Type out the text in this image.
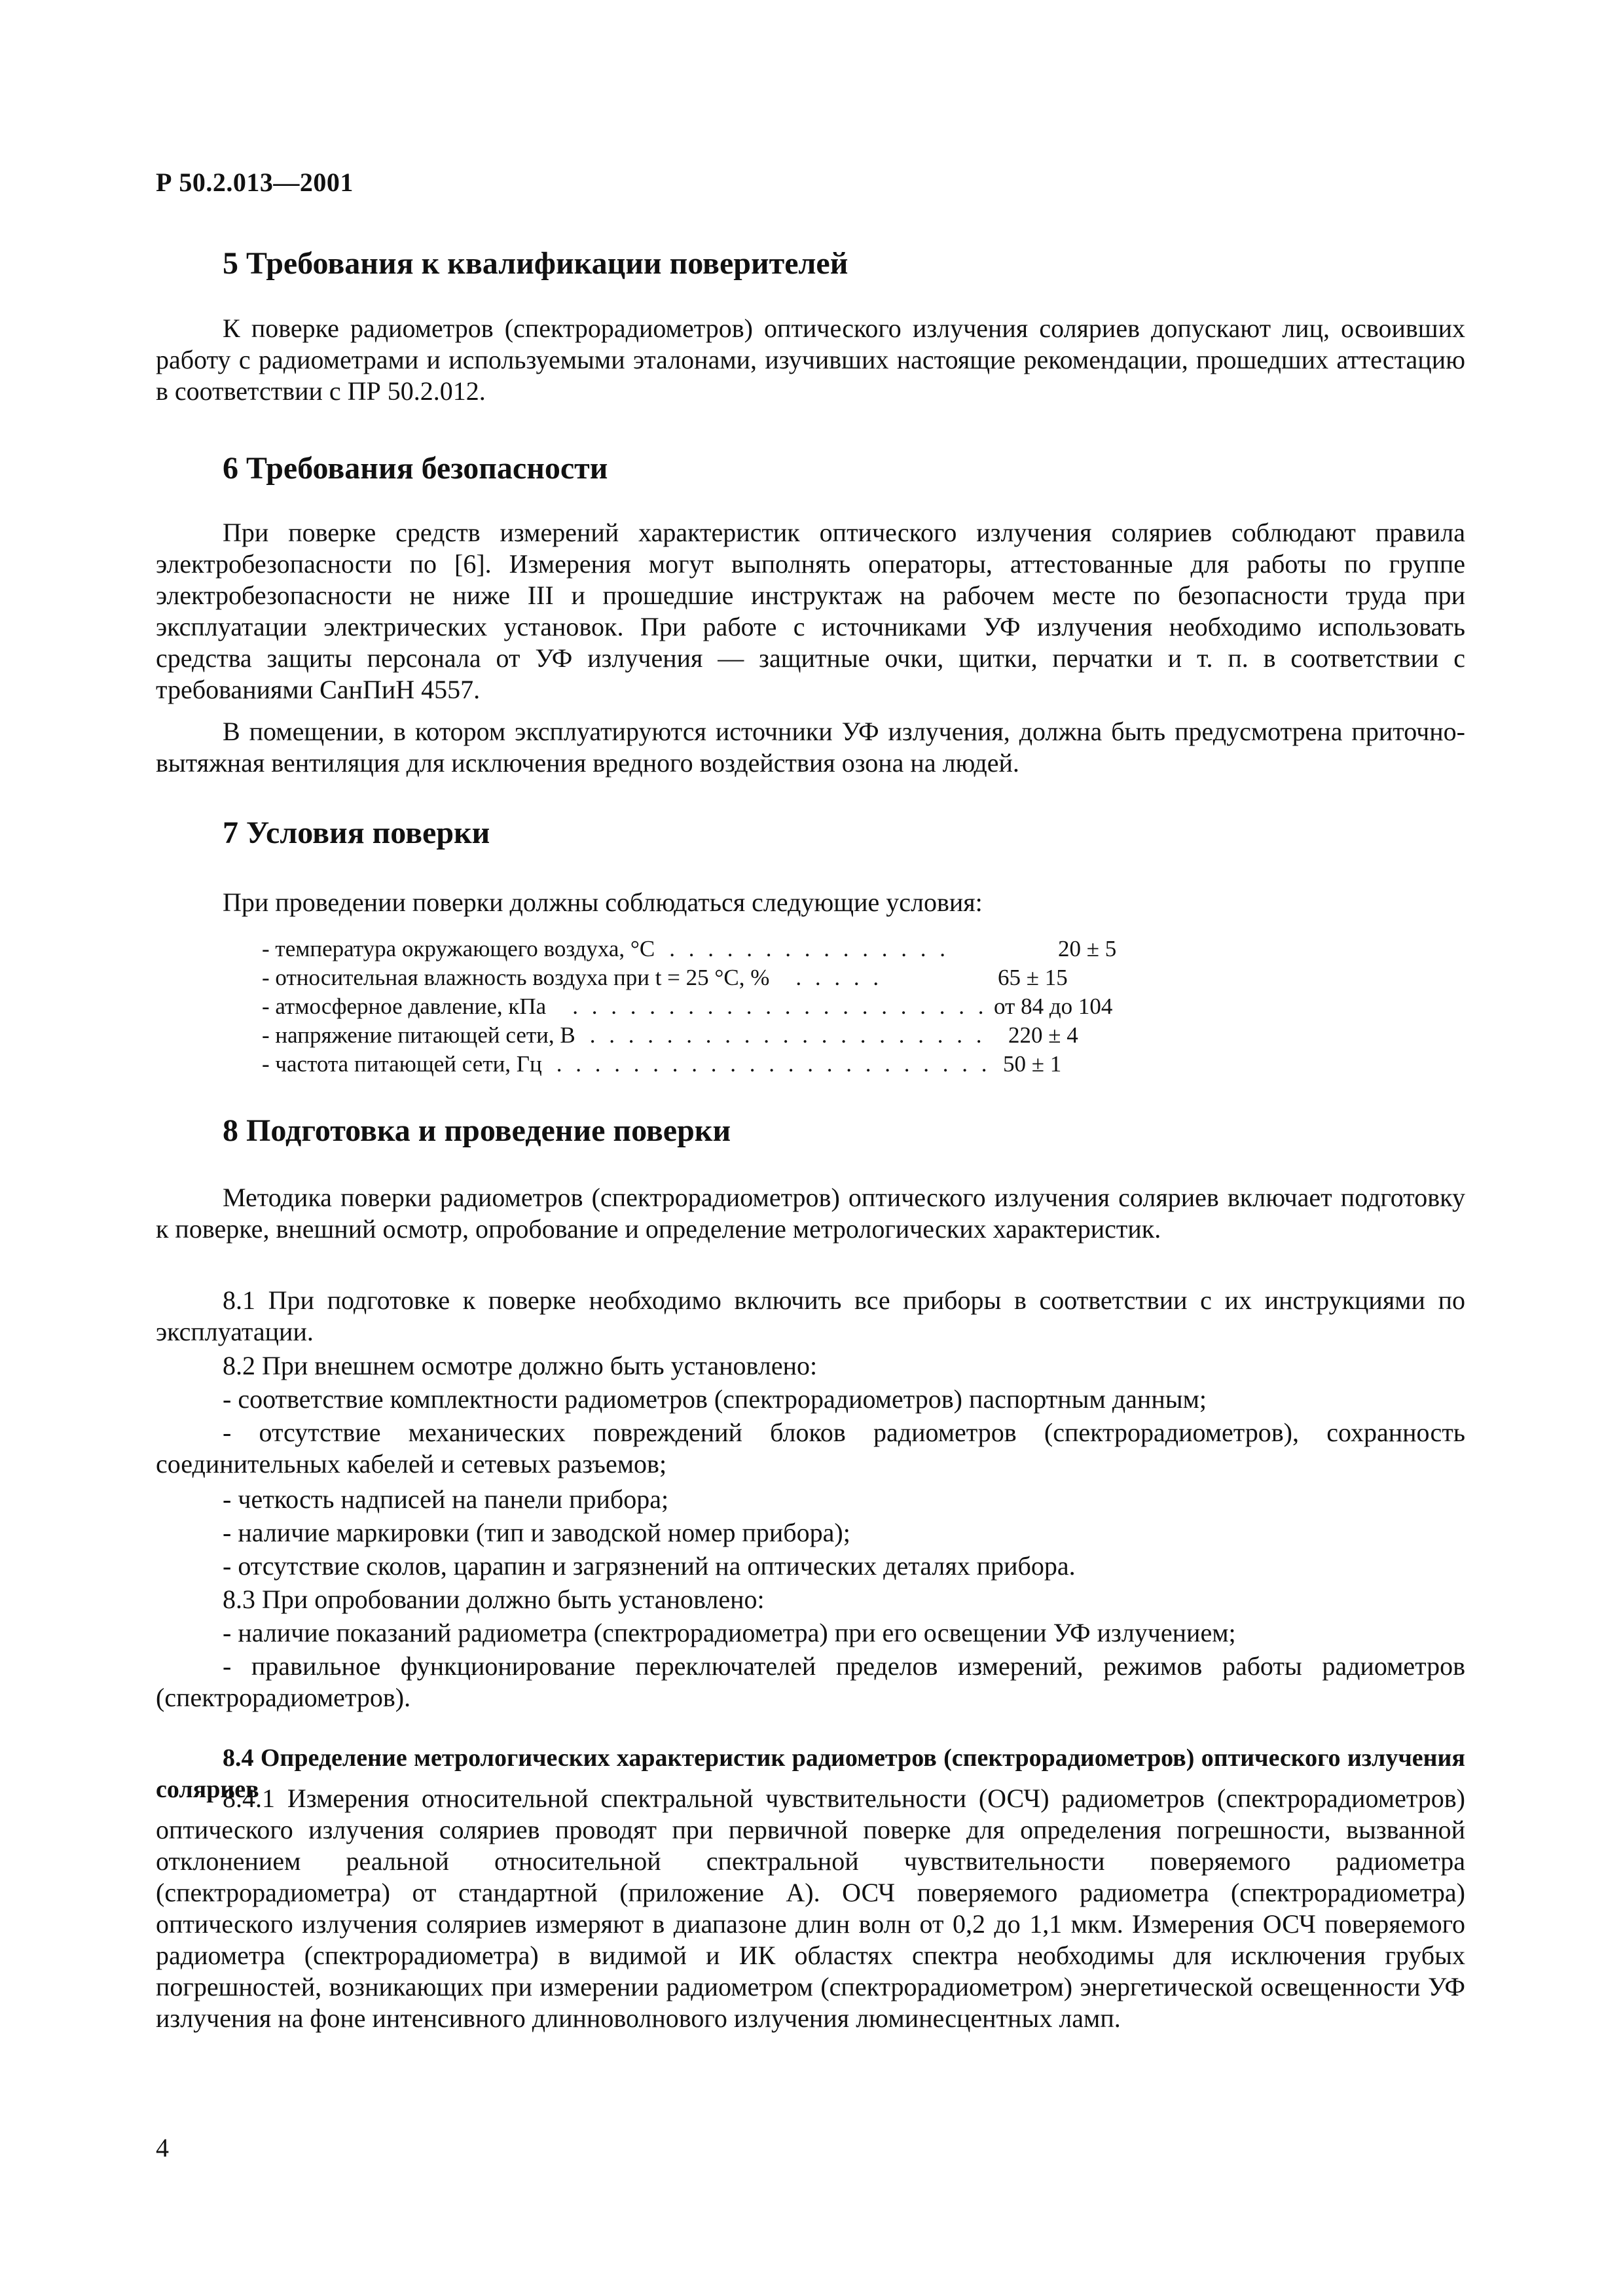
Р 50.2.013—2001
5 Требования к квалификации поверителей

К поверке радиометров (спектрорадиометров) оптического излучения соляриев допускают лиц, освоивших работу с радиометрами и используемыми эталонами, изучивших настоящие рекомендации, прошедших аттестацию в соответствии с ПР 50.2.012.

6 Требования безопасности

При поверке средств измерений характеристик оптического излучения соляриев соблюдают правила электробезопасности по [6]. Измерения могут выполнять операторы, аттестованные для работы по группе электробезопасности не ниже III и прошедшие инструктаж на рабочем месте по безопасности труда при эксплуатации электрических установок. При работе с источниками УФ излучения необходимо использовать средства защиты персонала от УФ излучения — защитные очки, щитки, перчатки и т. п. в соответствии с требованиями СанПиН 4557.

В помещении, в котором эксплуатируются источники УФ излучения, должна быть предусмотрена приточно-вытяжная вентиляция для исключения вредного воздействия озона на людей.

7 Условия поверки
При проведении поверки должны соблюдаться следующие условия:
- температура окружающего воздуха, °С . . . . . . . . . . . . . . .	20 ± 5
- относительная влажность воздуха при t = 25 °С, % . . . . .	65 ± 15
- атмосферное давление, кПа . . . . . . . . . . . . . . . . . . . . . . от 84 до 104
- напряжение питающей сети, В . . . . . . . . . . . . . . . . . . . . . 220 ± 4
- частота питающей сети, Гц . . . . . . . . . . . . . . . . . . . . . . . 50 ± 1
8 Подготовка и проведение поверки

Методика поверки радиометров (спектрорадиометров) оптического излучения соляриев включает подготовку к поверке, внешний осмотр, опробование и определение метрологических характеристик.

8.1 При подготовке к поверке необходимо включить все приборы в соответствии с их инструкциями по эксплуатации.

8.2 При внешнем осмотре должно быть установлено:

- соответствие комплектности радиометров (спектрорадиометров) паспортным данным;

- отсутствие механических повреждений блоков радиометров (спектрорадиометров), сохранность соединительных кабелей и сетевых разъемов;

- четкость надписей на панели прибора;

- наличие маркировки (тип и заводской номер прибора);

- отсутствие сколов, царапин и загрязнений на оптических деталях прибора.

8.3 При опробовании должно быть установлено:

- наличие показаний радиометра (спектрорадиометра) при его освещении УФ излучением;

- правильное функционирование переключателей пределов измерений, режимов работы радиометров (спектрорадиометров).

8.4 Определение метрологических характеристик радиометров (спектрорадиометров) оптического излучения соляриев

8.4.1 Измерения относительной спектральной чувствительности (ОСЧ) радиометров (спектрорадиометров) оптического излучения соляриев проводят при первичной поверке для определения погрешности, вызванной отклонением реальной относительной спектральной чувствительности поверяемого радиометра (спектрорадиометра) от стандартной (приложение А). ОСЧ поверяемого радиометра (спектрорадиометра) оптического излучения соляриев измеряют в диапазоне длин волн от 0,2 до 1,1 мкм. Измерения ОСЧ поверяемого радиометра (спектрорадиометра) в видимой и ИК областях спектра необходимы для исключения грубых погрешностей, возникающих при измерении радиометром (спектрорадиометром) энергетической освещенности УФ излучения на фоне интенсивного длинноволнового излучения люминесцентных ламп.

4
